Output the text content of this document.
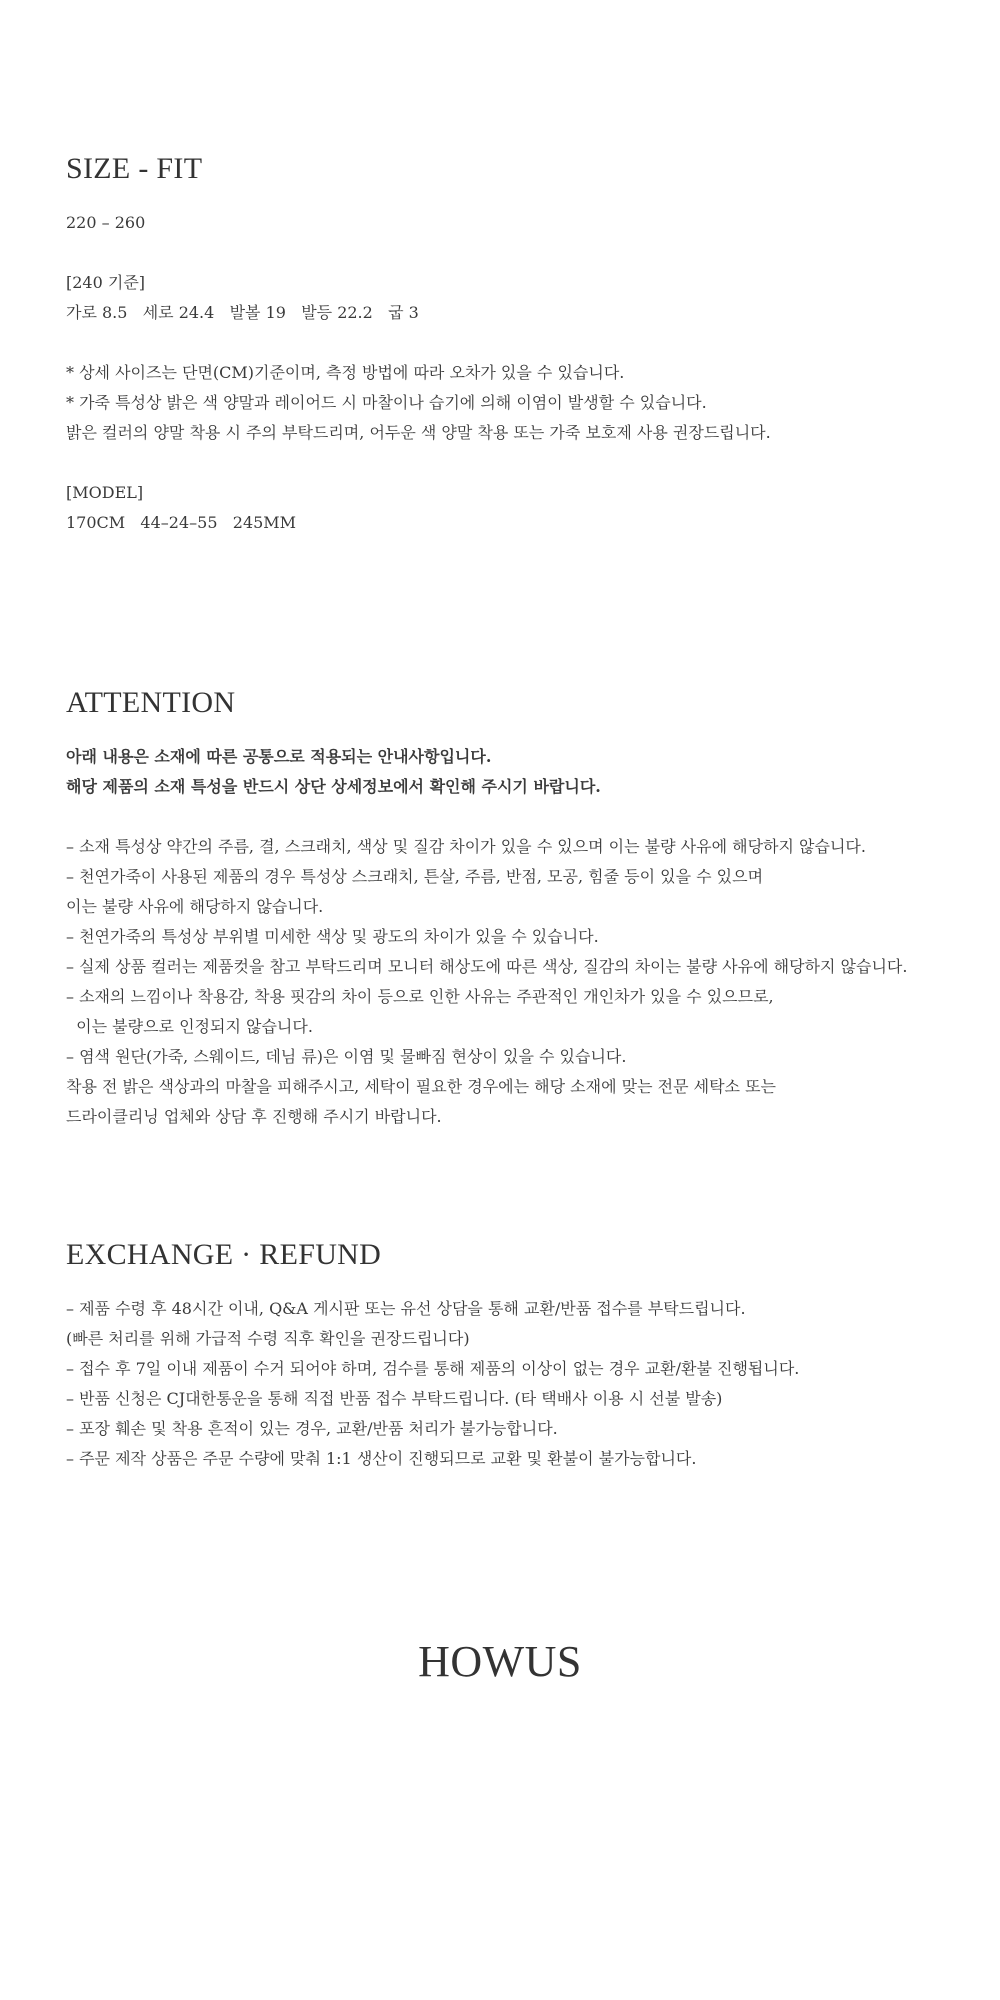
SIZE - FIT
220 – 260
[240 기준]
가로 8.5   세로 24.4   발볼 19   발등 22.2   굽 3
* 상세 사이즈는 단면(CM)기준이며, 측정 방법에 따라 오차가 있을 수 있습니다.
* 가죽 특성상 밝은 색 양말과 레이어드 시 마찰이나 습기에 의해 이염이 발생할 수 있습니다.
밝은 컬러의 양말 착용 시 주의 부탁드리며, 어두운 색 양말 착용 또는 가죽 보호제 사용 권장드립니다.
[MODEL]
170CM   44–24–55   245MM
ATTENTION
아래 내용은 소재에 따른 공통으로 적용되는 안내사항입니다.
해당 제품의 소재 특성을 반드시 상단 상세정보에서 확인해 주시기 바랍니다.
– 소재 특성상 약간의 주름, 결, 스크래치, 색상 및 질감 차이가 있을 수 있으며 이는 불량 사유에 해당하지 않습니다.
– 천연가죽이 사용된 제품의 경우 특성상 스크래치, 튼살, 주름, 반점, 모공, 힘줄 등이 있을 수 있으며
이는 불량 사유에 해당하지 않습니다.
– 천연가죽의 특성상 부위별 미세한 색상 및 광도의 차이가 있을 수 있습니다.
– 실제 상품 컬러는 제품컷을 참고 부탁드리며 모니터 해상도에 따른 색상, 질감의 차이는 불량 사유에 해당하지 않습니다.
– 소재의 느낌이나 착용감, 착용 핏감의 차이 등으로 인한 사유는 주관적인 개인차가 있을 수 있으므로,
이는 불량으로 인정되지 않습니다.
– 염색 원단(가죽, 스웨이드, 데님 류)은 이염 및 물빠짐 현상이 있을 수 있습니다.
착용 전 밝은 색상과의 마찰을 피해주시고, 세탁이 필요한 경우에는 해당 소재에 맞는 전문 세탁소 또는
드라이클리닝 업체와 상담 후 진행해 주시기 바랍니다.
EXCHANGE · REFUND
– 제품 수령 후 48시간 이내, Q&A 게시판 또는 유선 상담을 통해 교환/반품 접수를 부탁드립니다.
(빠른 처리를 위해 가급적 수령 직후 확인을 권장드립니다)
– 접수 후 7일 이내 제품이 수거 되어야 하며, 검수를 통해 제품의 이상이 없는 경우 교환/환불 진행됩니다.
– 반품 신청은 CJ대한통운을 통해 직접 반품 접수 부탁드립니다. (타 택배사 이용 시 선불 발송)
– 포장 훼손 및 착용 흔적이 있는 경우, 교환/반품 처리가 불가능합니다.
– 주문 제작 상품은 주문 수량에 맞춰 1:1 생산이 진행되므로 교환 및 환불이 불가능합니다.
HOWUS
